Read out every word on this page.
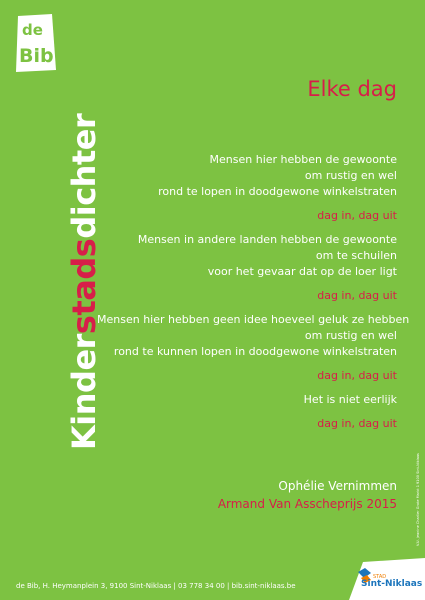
de
Bib
Kinderstadsdichter
Elke dag
Mensen hier hebben de gewoonte
om rustig en wel
rond te lopen in doodgewone winkelstraten
dag in, dag uit
Mensen in andere landen hebben de gewoonte
om te schuilen
voor het gevaar dat op de loer ligt
dag in, dag uit
Mensen hier hebben geen idee hoeveel geluk ze hebben
om rustig en wel
rond te kunnen lopen in doodgewone winkelstraten
dag in, dag uit
Het is niet eerlijk
dag in, dag uit
Ophélie Vernimmen
Armand Van Asscheprijs 2015	V.U. Jeanine Charlier Grote Markt 1 9100 Sint-Niklaas
de Bib, H. Heymanplein 3, 9100 Sint-Niklaas | 03 778 34 00 | bib.sint-niklaas.be
STAD
Sint-Niklaas
